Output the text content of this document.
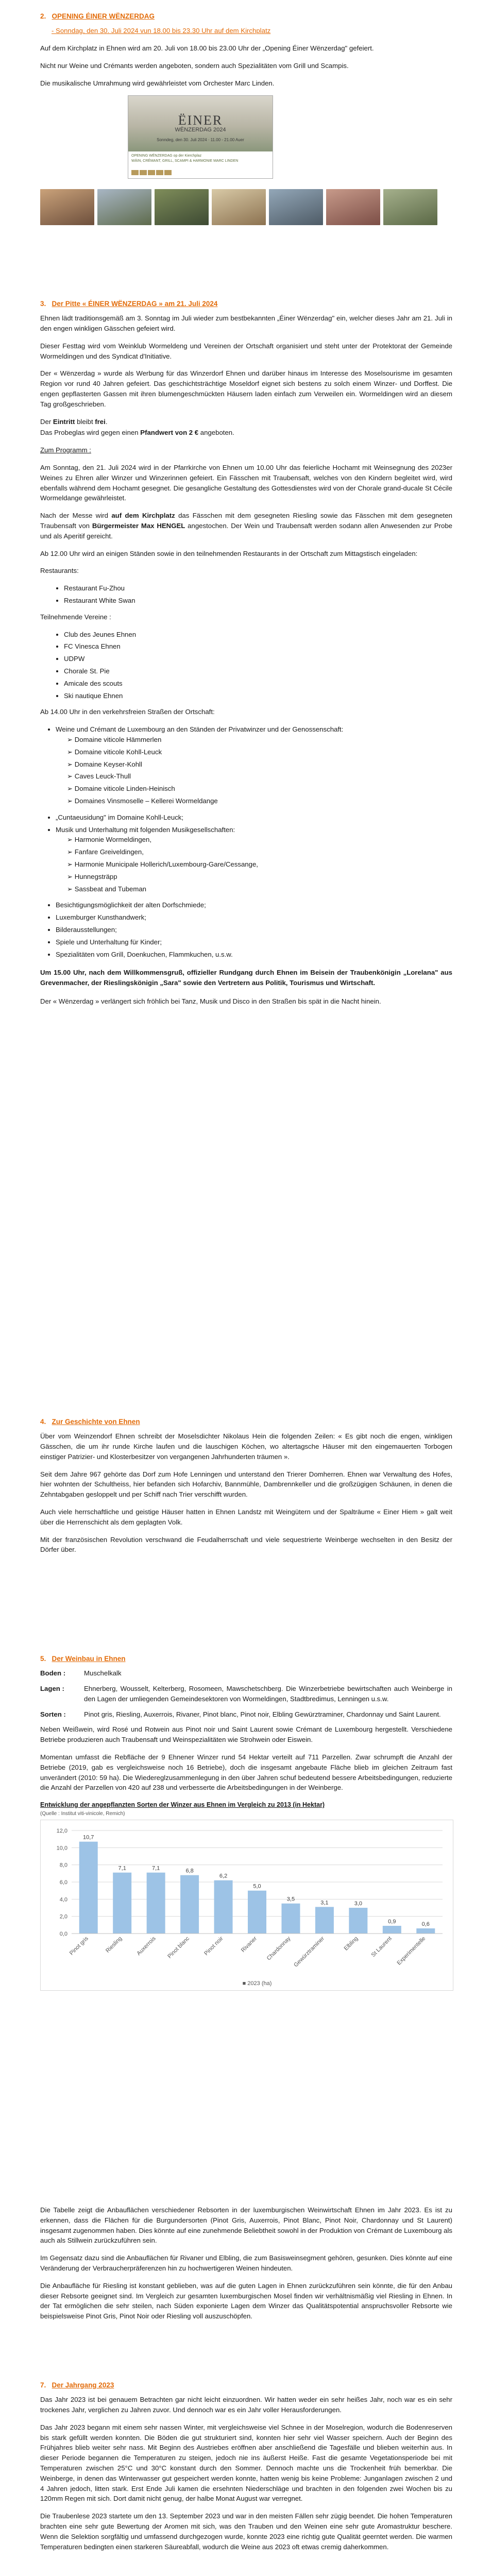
2. OPENING ÉINER WËNZERDAG
- Sonndag, den 30. Juli 2024 vun 18.00 bis 23.30 Uhr auf dem Kirchplatz

Auf dem Kirchplatz in Ehnen wird am 20. Juli von 18.00 bis 23.00 Uhr der „Opening Éiner Wënzerdag" gefeiert.

Nicht nur Weine und Crémants werden angeboten, sondern auch Spezialitäten vom Grill und Scampis.

Die musikalische Umrahmung wird gewährleistet vom Orchester Marc Linden.

ËINER
WËNZERDAG 2024
Sonndeg, den 30. Juli 2024 · 11.00 - 21.00 Auer
OPENING WËNZERDAG op der Kierchplaz
WÄIN, CRÉMANT, GRILL, SCAMPI & HARMONIE MARC LINDEN
3. Der Pitte « ÉINER WËNZERDAG » am 21. Juli 2024

Ehnen lädt traditionsgemäß am 3. Sonntag im Juli wieder zum bestbekannten „Éiner Wënzerdag" ein, welcher dieses Jahr am 21. Juli in den engen winkligen Gässchen gefeiert wird.

Dieser Festtag wird vom Weinklub Wormeldeng und Vereinen der Ortschaft organisiert und steht unter der Protektorat der Gemeinde Wormeldingen und des Syndicat d'Initiative.

Der « Wënzerdag » wurde als Werbung für das Winzerdorf Ehnen und darüber hinaus im Interesse des Moselsourisme im gesamten Region vor rund 40 Jahren gefeiert. Das geschichtsträchtige Moseldorf eignet sich bestens zu solch einem Winzer- und Dorffest. Die engen gepflasterten Gassen mit ihren blumengeschmückten Häusern laden einfach zum Verweilen ein. Wormeldingen wird an diesem Tag großgeschrieben.

Der Eintritt bleibt frei.

Das Probeglas wird gegen einen Pfandwert von 2 € angeboten.

Zum Programm :

Am Sonntag, den 21. Juli 2024 wird in der Pfarrkirche von Ehnen um 10.00 Uhr das feierliche Hochamt mit Weinsegnung des 2023er Weines zu Ehren aller Winzer und Winzerinnen gefeiert. Ein Fässchen mit Traubensaft, welches von den Kindern begleitet wird, wird ebenfalls während dem Hochamt gesegnet. Die gesangliche Gestaltung des Gottesdienstes wird von der Chorale grand-ducale St Cécile Wormeldange gewährleistet.

Nach der Messe wird auf dem Kirchplatz das Fässchen mit dem gesegneten Riesling sowie das Fässchen mit dem gesegneten Traubensaft von Bürgermeister Max HENGEL angestochen. Der Wein und Traubensaft werden sodann allen Anwesenden zur Probe und als Aperitif gereicht.

Ab 12.00 Uhr wird an einigen Ständen sowie in den teilnehmenden Restaurants in der Ortschaft zum Mittagstisch eingeladen:

Restaurants:

• Restaurant Fu-Zhou
• Restaurant White Swan

Teilnehmende Vereine :

• Club des Jeunes Ehnen
• FC Vinesca Ehnen
• UDPW
• Chorale St. Pie
• Amicale des scouts
• Ski nautique Ehnen

Ab 14.00 Uhr in den verkehrsfreien Straßen der Ortschaft:

• Weine und Crémant de Luxembourg an den Ständen der Privatwinzer und der Genossenschaft:
➢ Domaine viticole Hämmerlen
➢ Domaine viticole Kohll-Leuck
➢ Domaine Keyser-Kohll
➢ Caves Leuck-Thull
➢ Domaine viticole Linden-Heinisch
➢ Domaines Vinsmoselle – Kellerei Wormeldange
• „Cuntaeusidung" im Domaine Kohll-Leuck;
• Musik und Unterhaltung mit folgenden Musikgesellschaften:
➢ Harmonie Wormeldingen,
➢ Fanfare Greiveldingen,
➢ Harmonie Municipale Hollerich/Luxembourg-Gare/Cessange,
➢ Hunnegsträpp
➢ Sassbeat and Tubeman
• Besichtigungsmöglichkeit der alten Dorfschmiede;
• Luxemburger Kunsthandwerk;
• Bilderausstellungen;
• Spiele und Unterhaltung für Kinder;
• Spezialitäten vom Grill, Doenkuchen, Flammkuchen, u.s.w.

Um 15.00 Uhr, nach dem Willkommensgruß, offizieller Rundgang durch Ehnen im Beisein der Traubenkönigin „Lorelana" aus Grevenmacher, der Rieslingskönigin „Sara" sowie den Vertretern aus Politik, Tourismus und Wirtschaft.

Der « Wënzerdag » verlängert sich fröhlich bei Tanz, Musik und Disco in den Straßen bis spät in die Nacht hinein.

4. Zur Geschichte von Ehnen

Über vom Weinzendorf Ehnen schreibt der Moselsdichter Nikolaus Hein die folgenden Zeilen: « Es gibt noch die engen, winkligen Gässchen, die um ihr runde Kirche laufen und die lauschigen Köchen, wo altertagsche Häuser mit den eingemauerten Torbogen einstiger Patrizier- und Klosterbesitzer von vergangenen Jahrhunderten träumen ».

Seit dem Jahre 967 gehörte das Dorf zum Hofe Lenningen und unterstand den Trierer Domherren. Ehnen war Verwaltung des Hofes, hier wohnten der Schultheiss, hier befanden sich Hofarchiv, Bannmühle, Dambrennkeller und die großzügigen Schäunen, in denen die Zehntabgaben gesloppelt und per Schiff nach Trier verschifft wurden.

Auch viele herrschaftliche und geistige Häuser hatten in Ehnen Landstz mit Weingütern und der Spalträume « Einer Hiem » galt weit über die Herrenschicht als dem geplagten Volk.

Mit der französischen Revolution verschwand die Feudalherrschaft und viele sequestrierte Weinberge wechselten in den Besitz der Dörfer über.

5. Der Weinbau in Ehnen
Boden :	Muschelkalk
Lagen :	Ehnerberg, Wousselt, Kelterberg, Rosomeen, Mawschetschberg. Die Winzerbetriebe bewirtschaften auch Weinberge in den Lagen der umliegenden Gemeindesektoren von Wormeldingen, Stadtbredimus, Lenningen u.s.w.
Sorten :	Pinot gris, Riesling, Auxerrois, Rivaner, Pinot blanc, Pinot noir, Elbling Gewürztraminer, Chardonnay und Saint Laurent.

Neben Weißwein, wird Rosé und Rotwein aus Pinot noir und Saint Laurent sowie Crémant de Luxembourg hergestellt. Verschiedene Betriebe produzieren auch Traubensaft und Weinspezialitäten wie Strohwein oder Eiswein.

Momentan umfasst die Rebfläche der 9 Ehnener Winzer rund 54 Hektar verteilt auf 711 Parzellen. Zwar schrumpft die Anzahl der Betriebe (2019, gab es vergleichsweise noch 16 Betriebe), doch die insgesamt angebaute Fläche blieb im gleichen Zeitraum fast unverändert (2010: 59 ha). Die Wiedereglzusammenlegung in den über Jahren schuf bedeutend bessere Arbeitsbedingungen, reduzierte die Anzahl der Parzellen von 420 auf 238 und verbesserte die Arbeitsbedingungen in der Weinberge.

Entwicklung der angepflanzten Sorten der Winzer aus Ehnen im Vergleich zu 2013 (in Hektar)
(Quelle : Institut viti-vinicole, Remich)
0,0
2,0
4,0
6,0
8,0
10,0
12,0
10,7
Pinot gris
7,1
Riesling
7,1
Auxerrois
6,8
Pinot blanc
6,2
Pinot noir
5,0
Rivaner
3,5
Chardonnay
3,1
Gewürztraminer
3,0
Elbling
0,9
St Laurent
0,6
Experimentelle
■ 2023 (ha)

Die Tabelle zeigt die Anbauflächen verschiedener Rebsorten in der luxemburgischen Weinwirtschaft Ehnen im Jahr 2023. Es ist zu erkennen, dass die Flächen für die Burgundersorten (Pinot Gris, Auxerrois, Pinot Blanc, Pinot Noir, Chardonnay und St Laurent) insgesamt zugenommen haben. Dies könnte auf eine zunehmende Beliebtheit sowohl in der Produktion von Crémant de Luxembourg als auch als Stillwein zurückzuführen sein.

Im Gegensatz dazu sind die Anbauflächen für Rivaner und Elbling, die zum Basisweinsegment gehören, gesunken. Dies könnte auf eine Veränderung der Verbraucherpräferenzen hin zu hochwertigeren Weinen hindeuten.

Die Anbaufläche für Riesling ist konstant geblieben, was auf die guten Lagen in Ehnen zurückzuführen sein könnte, die für den Anbau dieser Rebsorte geeignet sind. Im Vergleich zur gesamten luxemburgischen Mosel finden wir verhältnismäßig viel Riesling in Ehnen. In der Tat ermöglichen die sehr steilen, nach Süden exponierte Lagen dem Winzer das Qualitätspotential anspruchsvoller Rebsorte wie beispielsweise Pinot Gris, Pinot Noir oder Riesling voll auszuschöpfen.

7. Der Jahrgang 2023

Das Jahr 2023 ist bei genauem Betrachten gar nicht leicht einzuordnen. Wir hatten weder ein sehr heißes Jahr, noch war es ein sehr trockenes Jahr, verglichen zu Jahren zuvor. Und dennoch war es ein Jahr voller Herausforderungen.

Das Jahr 2023 begann mit einem sehr nassen Winter, mit vergleichsweise viel Schnee in der Moselregion, wodurch die Bodenreserven bis stark gefüllt werden konnten. Die Böden die gut strukturiert sind, konnten hier sehr viel Wasser speichern. Auch der Beginn des Frühjahres blieb weiter sehr nass. Mit Beginn des Austriebes eröffnen aber anschließend die Tagesfälle und blieben weiterhin aus. In dieser Periode begannen die Temperaturen zu steigen, jedoch nie ins äußerst Heiße. Fast die gesamte Vegetationsperiode bei mit Temperaturen zwischen 25°C und 30°C konstant durch den Sommer. Dennoch machte uns die Trockenheit früh bemerkbar. Die Weinberge, in denen das Winterwasser gut gespeichert werden konnte, hatten wenig bis keine Probleme: Junganlagen zwischen 2 und 4 Jahren jedoch, litten stark. Erst Ende Juli kamen die ersehnten Niederschläge und brachten in den folgenden zwei Wochen bis zu 120mm Regen mit sich. Dort damit nicht genug, der halbe Monat August war verregnet.

Die Traubenlese 2023 startete um den 13. September 2023 und war in den meisten Fällen sehr zügig beendet. Die hohen Temperaturen brachten eine sehr gute Bewertung der Aromen mit sich, was den Trauben und den Weinen eine sehr gute Aromastruktur beschere. Wenn die Selektion sorgfältig und umfassend durchgezogen wurde, konnte 2023 eine richtig gute Qualität geerntet werden. Die warmen Temperaturen bedingten einen starkeren Säureabfall, wodurch die Weine aus 2023 oft etwas cremig daherkommen.
